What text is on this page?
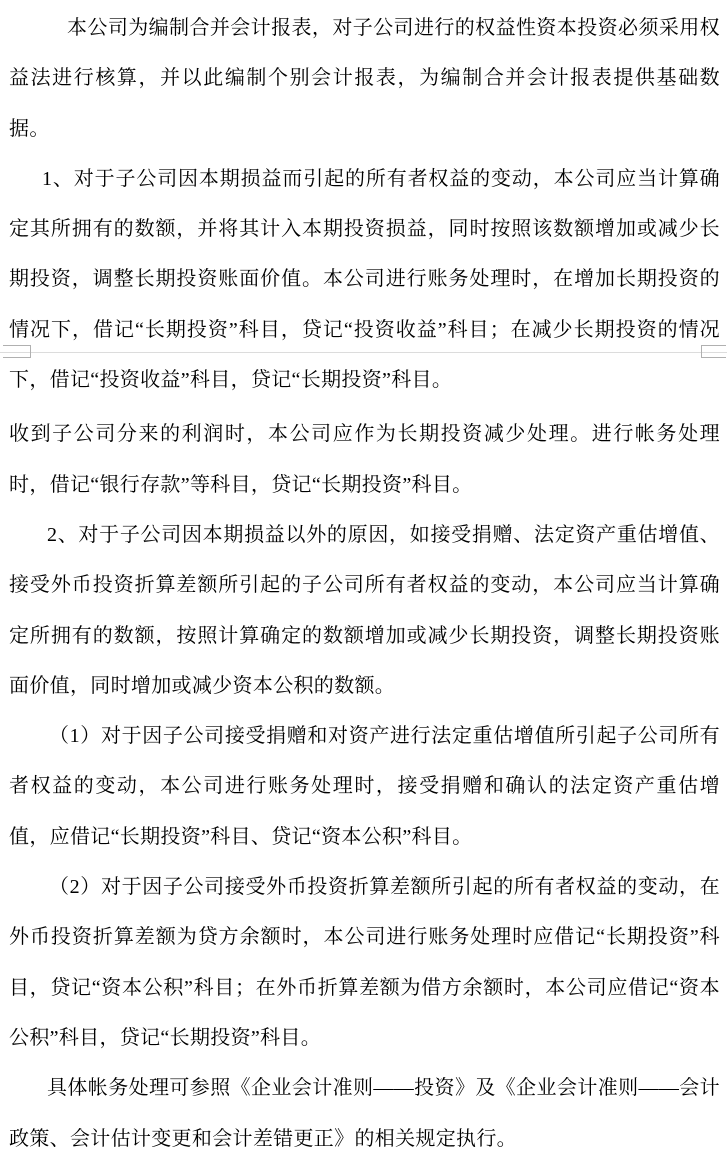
本公司为编制合并会计报表，对子公司进行的权益性资本投资必须采用权益法进行核算，并以此编制个别会计报表，为编制合并会计报表提供基础数据。

1、对于子公司因本期损益而引起的所有者权益的变动，本公司应当计算确定其所拥有的数额，并将其计入本期投资损益，同时按照该数额增加或减少长期投资，调整长期投资账面价值。本公司进行账务处理时，在增加长期投资的情况下，借记“长期投资”科目，贷记“投资收益”科目；在减少长期投资的情况下，借记“投资收益”科目，贷记“长期投资”科目。

收到子公司分来的利润时，本公司应作为长期投资减少处理。进行帐务处理时，借记“银行存款”等科目，贷记“长期投资”科目。

2、对于子公司因本期损益以外的原因，如接受捐赠、法定资产重估增值、接受外币投资折算差额所引起的子公司所有者权益的变动，本公司应当计算确定所拥有的数额，按照计算确定的数额增加或减少长期投资，调整长期投资账面价值，同时增加或减少资本公积的数额。

（1）对于因子公司接受捐赠和对资产进行法定重估增值所引起子公司所有者权益的变动，本公司进行账务处理时，接受捐赠和确认的法定资产重估增值，应借记“长期投资”科目、贷记“资本公积”科目。

（2）对于因子公司接受外币投资折算差额所引起的所有者权益的变动，在外币投资折算差额为贷方余额时，本公司进行账务处理时应借记“长期投资”科目，贷记“资本公积”科目；在外币折算差额为借方余额时，本公司应借记“资本公积”科目，贷记“长期投资”科目。

具体帐务处理可参照《企业会计准则——投资》及《企业会计准则——会计政策、会计估计变更和会计差错更正》的相关规定执行。
